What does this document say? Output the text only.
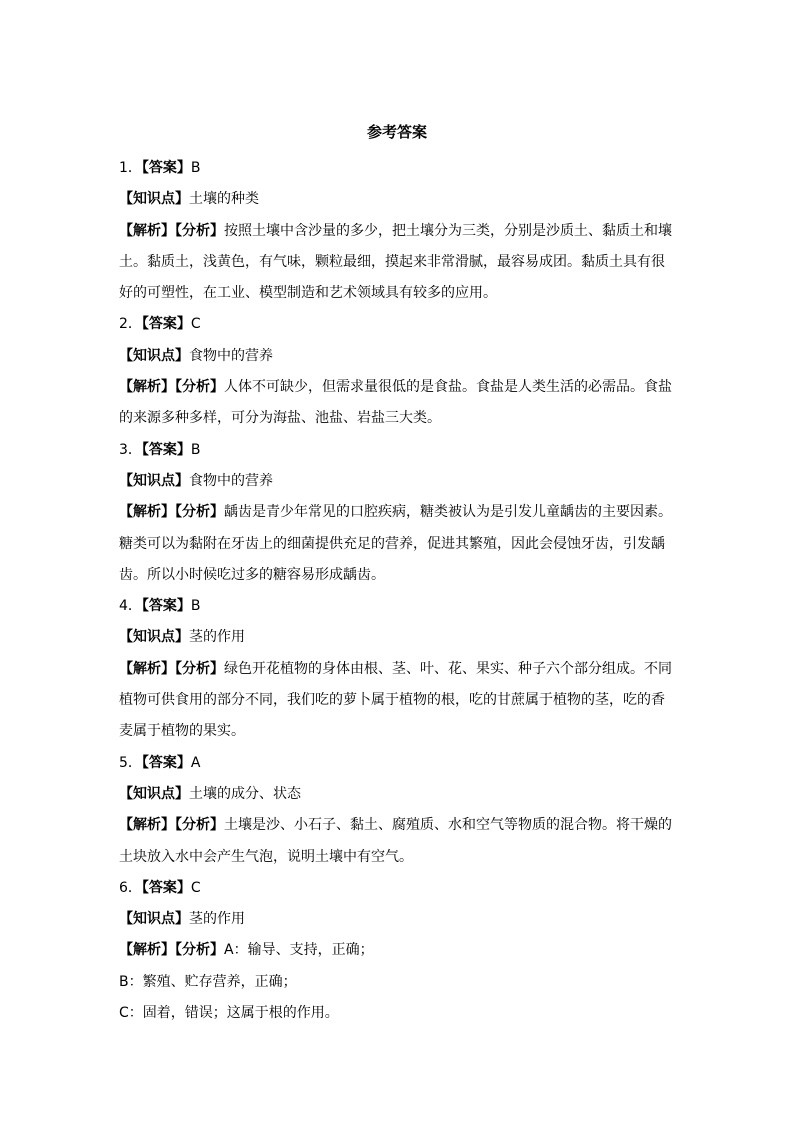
参考答案
1．【答案】B
【知识点】土壤的种类
【解析】【分析】按照土壤中含沙量的多少，把土壤分为三类，分别是沙质土、黏质土和壤
土。黏质土，浅黄色，有气味，颗粒最细，摸起来非常滑腻，最容易成团。黏质土具有很
好的可塑性，在工业、模型制造和艺术领域具有较多的应用。
2．【答案】C
【知识点】食物中的营养
【解析】【分析】人体不可缺少，但需求量很低的是食盐。食盐是人类生活的必需品。食盐
的来源多种多样，可分为海盐、池盐、岩盐三大类。
3．【答案】B
【知识点】食物中的营养
【解析】【分析】龋齿是青少年常见的口腔疾病，糖类被认为是引发儿童龋齿的主要因素。
糖类可以为黏附在牙齿上的细菌提供充足的营养，促进其繁殖，因此会侵蚀牙齿，引发龋
齿。所以小时候吃过多的糖容易形成龋齿。
4．【答案】B
【知识点】茎的作用
【解析】【分析】绿色开花植物的身体由根、茎、叶、花、果实、种子六个部分组成。不同
植物可供食用的部分不同，我们吃的萝卜属于植物的根，吃的甘蔗属于植物的茎，吃的香
麦属于植物的果实。
5．【答案】A
【知识点】土壤的成分、状态
【解析】【分析】土壤是沙、小石子、黏土、腐殖质、水和空气等物质的混合物。将干燥的
土块放入水中会产生气泡，说明土壤中有空气。
6．【答案】C
【知识点】茎的作用
【解析】【分析】A：输导、支持，正确；
B：繁殖、贮存营养，正确；
C：固着，错误；这属于根的作用。
